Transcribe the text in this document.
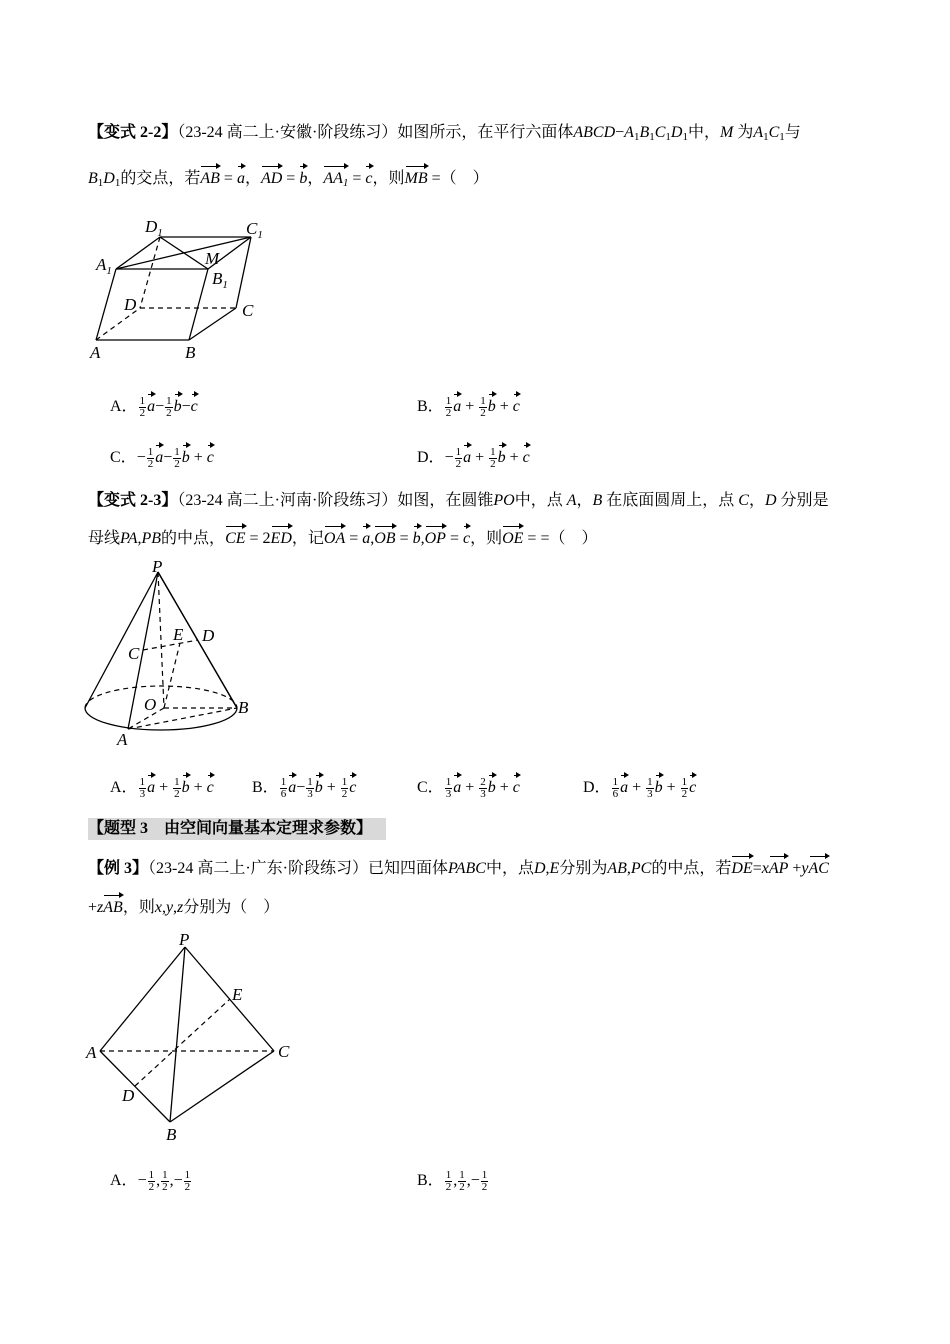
【变式 2-2】（23-24 高二上·安徽·阶段练习）如图所示，在平行六面体$ABCD-A_1B_1C_1D_1$中，M 为$A_1C_1$与
$B_1D_1$的交点，若AB = a，AD = b，$AA_1 = c$，则MB =（　）
$D_1$	$C_1$
$A_1$
M
$B_1$
D	C
A	B
A． $\frac{1}{2} a- \frac{1}{2} b-c$	B． $\frac{1}{2}$ $a + \frac{1}{2}$ b + c
C．− $\frac{1}{2} a- \frac{1}{2}$ b + c	D．− $\frac{1}{2}$ $a + \frac{1}{2}$ b + c
【变式 2-3】（23-24 高二上·河南·阶段练习）如图，在圆锥PO中，点 A，B 在底面圆周上，点 C，D 分别是
母线PA,PB的中点，CE = 2ED，记OA = a,OB = b,OP = c，则OE = =（　）
P
E D
C
O	B
A
A． $\frac{1}{3}$ $a + \frac{1}{2}$ b + c B． $\frac{1}{6} a- \frac{1}{3}$ $b + \frac{1}{2}$ c	C． $\frac{1}{3}$ $a + \frac{2}{3}$ b + c	D． $\frac{1}{6}$ $a + \frac{1}{3}$ $b + \frac{1}{2}$ c
【题型 3　由空间向量基本定理求参数】
【例 3】（23-24 高二上·广东·阶段练习）已知四面体PABC中，点D,E分别为AB,PC的中点，若DE=xAP +yAC
+zAB，则x,y,z分别为（　）
P
E
A	C
D
B
A．− $\frac{1}{2}$ , $\frac{1}{2}$ ,− $\frac{1}{2}$	B． $\frac{1}{2}$ , $\frac{1}{2}$ ,− $\frac{1}{2}$
